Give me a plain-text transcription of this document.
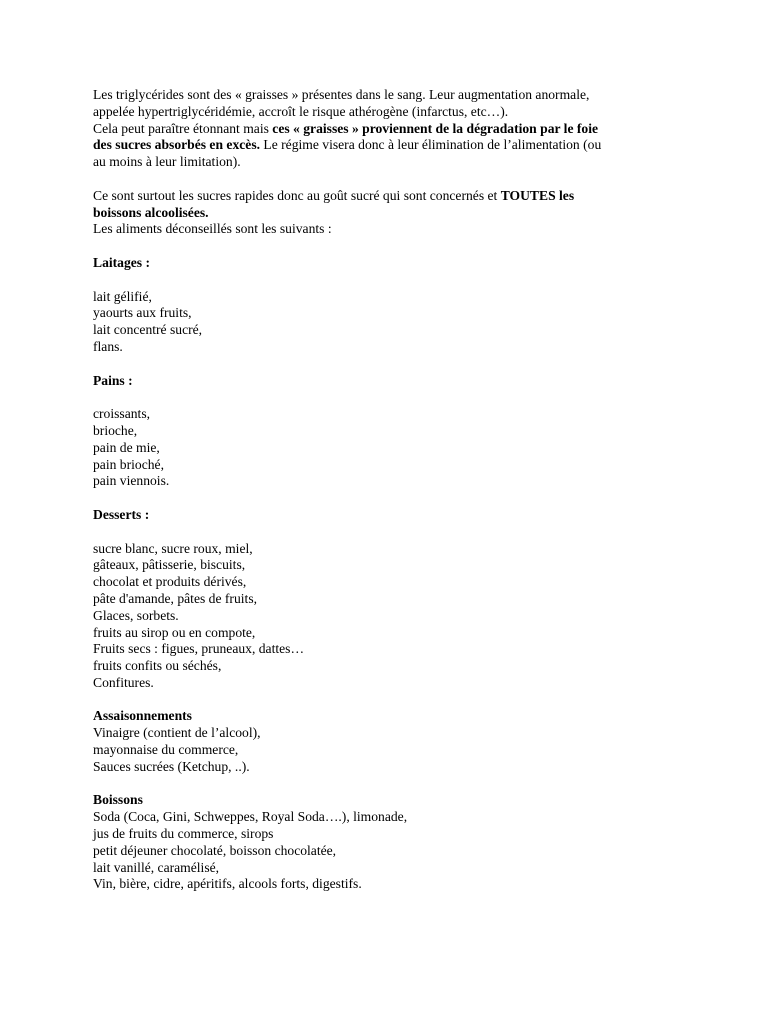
Les triglycérides sont des « graisses » présentes dans le sang. Leur augmentation anormale,
appelée hypertriglycéridémie, accroît le risque athérogène (infarctus, etc…).
Cela peut paraître étonnant mais ces « graisses » proviennent de la dégradation par le foie
des sucres absorbés en excès. Le régime visera donc à leur élimination de l’alimentation (ou
au moins à leur limitation).
Ce sont surtout les sucres rapides donc au goût sucré qui sont concernés et TOUTES les
boissons alcoolisées.
Les aliments déconseillés sont les suivants :
Laitages :
lait gélifié,
yaourts aux fruits,
lait concentré sucré,
flans.
Pains :
croissants,
brioche,
pain de mie,
pain brioché,
pain viennois.
Desserts :
sucre blanc, sucre roux, miel,
gâteaux, pâtisserie, biscuits,
chocolat et produits dérivés,
pâte d'amande, pâtes de fruits,
Glaces, sorbets.
fruits au sirop ou en compote,
Fruits secs : figues, pruneaux, dattes…
fruits confits ou séchés,
Confitures.
Assaisonnements
Vinaigre (contient de l’alcool),
mayonnaise du commerce,
Sauces sucrées (Ketchup, ..).
Boissons
Soda (Coca, Gini, Schweppes, Royal Soda….), limonade,
jus de fruits du commerce, sirops
petit déjeuner chocolaté, boisson chocolatée,
lait vanillé, caramélisé,
Vin, bière, cidre, apéritifs, alcools forts, digestifs.
